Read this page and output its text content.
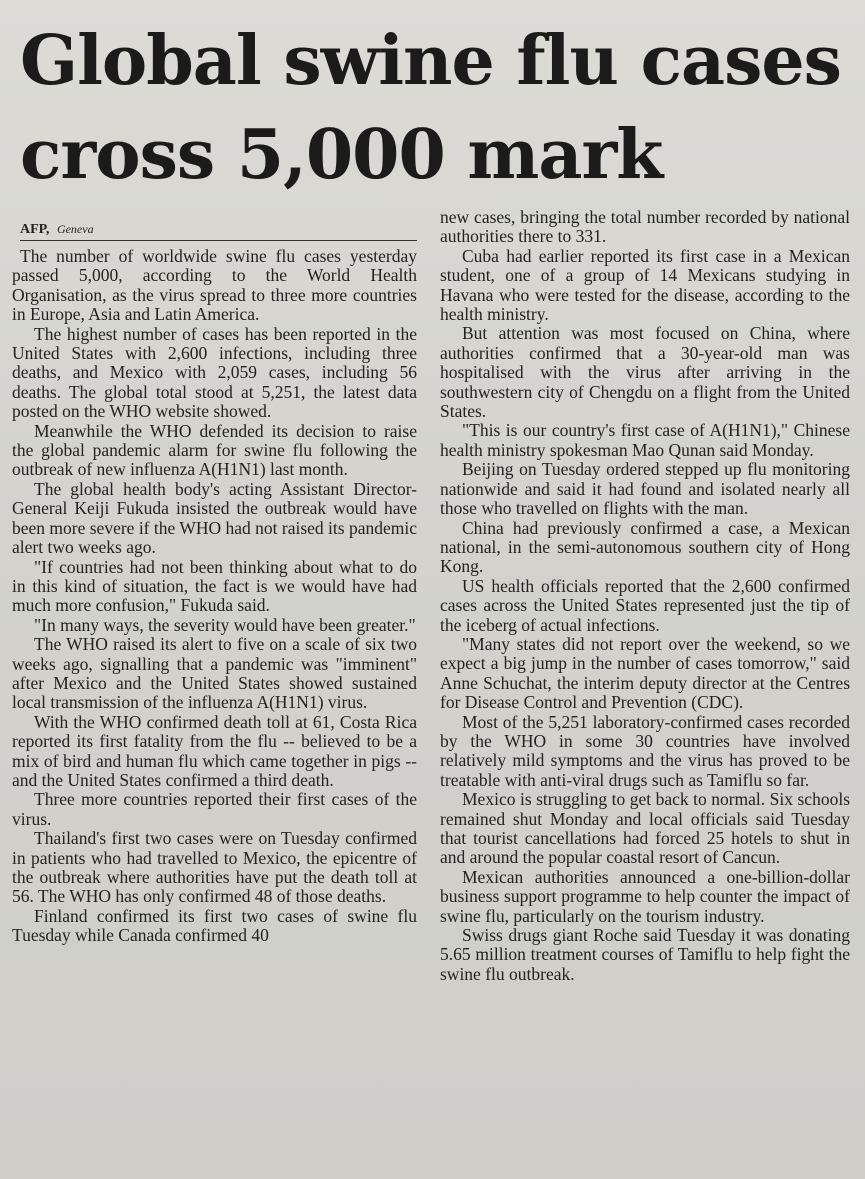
Global swine flu cases
cross 5,000 mark
AFP, Geneva

The number of worldwide swine flu cases yesterday passed 5,000, according to the World Health Organisation, as the virus spread to three more countries in Europe, Asia and Latin America.

The highest number of cases has been reported in the United States with 2,600 infections, including three deaths, and Mexico with 2,059 cases, including 56 deaths. The global total stood at 5,251, the latest data posted on the WHO website showed.

Meanwhile the WHO defended its decision to raise the global pandemic alarm for swine flu following the outbreak of new influenza A(H1N1) last month.

The global health body's acting Assistant Director-General Keiji Fukuda insisted the outbreak would have been more severe if the WHO had not raised its pandemic alert two weeks ago.

"If countries had not been thinking about what to do in this kind of situation, the fact is we would have had much more confusion," Fukuda said.

"In many ways, the severity would have been greater."

The WHO raised its alert to five on a scale of six two weeks ago, signalling that a pandemic was "imminent" after Mexico and the United States showed sustained local transmission of the influenza A(H1N1) virus.

With the WHO confirmed death toll at 61, Costa Rica reported its first fatality from the flu -- believed to be a mix of bird and human flu which came together in pigs -- and the United States confirmed a third death.

Three more countries reported their first cases of the virus.

Thailand's first two cases were on Tuesday confirmed in patients who had travelled to Mexico, the epicentre of the outbreak where authorities have put the death toll at 56. The WHO has only confirmed 48 of those deaths.

Finland confirmed its first two cases of swine flu Tuesday while Canada confirmed 40

new cases, bringing the total number recorded by national authorities there to 331.

Cuba had earlier reported its first case in a Mexican student, one of a group of 14 Mexicans studying in Havana who were tested for the disease, according to the health ministry.

But attention was most focused on China, where authorities confirmed that a 30-year-old man was hospitalised with the virus after arriving in the southwestern city of Chengdu on a flight from the United States.

"This is our country's first case of A(H1N1)," Chinese health ministry spokesman Mao Qunan said Monday.

Beijing on Tuesday ordered stepped up flu monitoring nationwide and said it had found and isolated nearly all those who travelled on flights with the man.

China had previously confirmed a case, a Mexican national, in the semi-autonomous southern city of Hong Kong.

US health officials reported that the 2,600 confirmed cases across the United States represented just the tip of the iceberg of actual infections.

"Many states did not report over the weekend, so we expect a big jump in the number of cases tomorrow," said Anne Schuchat, the interim deputy director at the Centres for Disease Control and Prevention (CDC).

Most of the 5,251 laboratory-confirmed cases recorded by the WHO in some 30 countries have involved relatively mild symptoms and the virus has proved to be treatable with anti-viral drugs such as Tamiflu so far.

Mexico is struggling to get back to normal. Six schools remained shut Monday and local officials said Tuesday that tourist cancellations had forced 25 hotels to shut in and around the popular coastal resort of Cancun.

Mexican authorities announced a one-billion-dollar business support programme to help counter the impact of swine flu, particularly on the tourism industry.

Swiss drugs giant Roche said Tuesday it was donating 5.65 million treatment courses of Tamiflu to help fight the swine flu outbreak.
